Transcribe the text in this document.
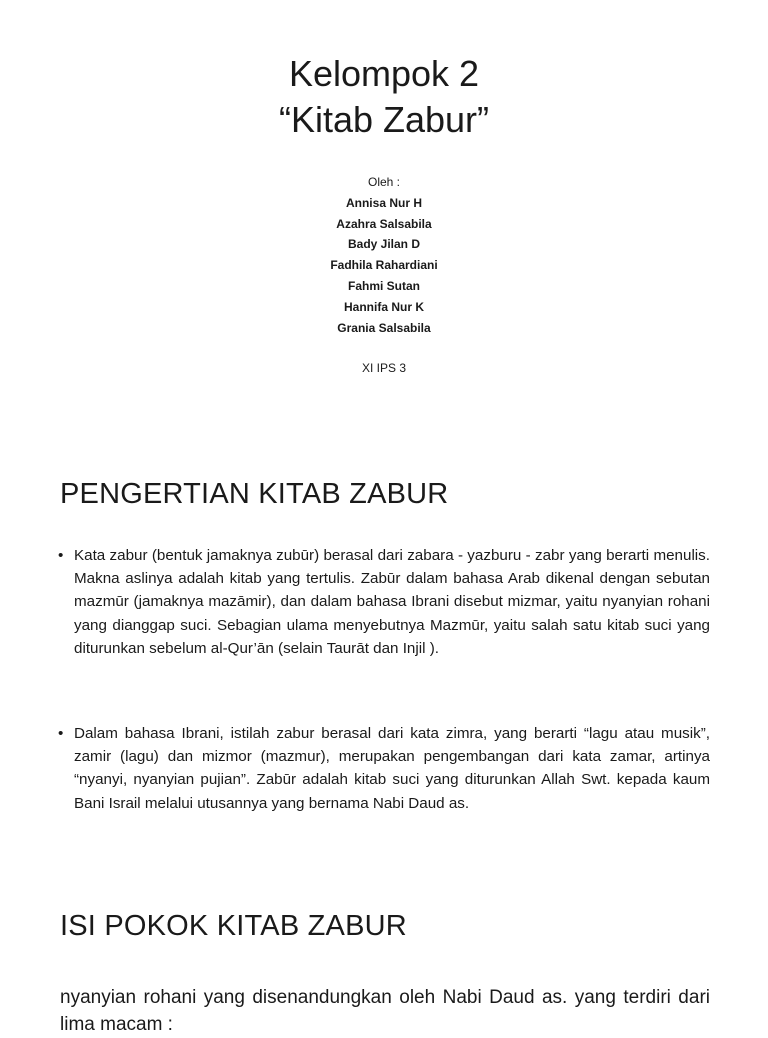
Kelompok 2
“Kitab Zabur”
Oleh :
Annisa Nur H
Azahra Salsabila
Bady Jilan D
Fadhila Rahardiani
Fahmi Sutan
Hannifa Nur K
Grania Salsabila
XI IPS 3
PENGERTIAN KITAB ZABUR
• Kata zabur (bentuk jamaknya zubūr) berasal dari zabara - yazburu - zabr yang berarti menulis. Makna aslinya adalah kitab yang tertulis. Zabūr dalam bahasa Arab dikenal dengan sebutan mazmūr (jamaknya mazāmir), dan dalam bahasa Ibrani disebut mizmar, yaitu nyanyian rohani yang dianggap suci. Sebagian ulama menyebutnya Mazmūr, yaitu salah satu kitab suci yang diturunkan sebelum al-Qur’ān (selain Taurāt dan Injil ).
• Dalam bahasa Ibrani, istilah zabur berasal dari kata zimra, yang berarti “lagu atau musik”, zamir (lagu) dan mizmor (mazmur), merupakan pengembangan dari kata zamar, artinya “nyanyi, nyanyian pujian”. Zabūr adalah kitab suci yang diturunkan Allah Swt. kepada kaum Bani Israil melalui utusannya yang bernama Nabi Daud as.
ISI POKOK KITAB ZABUR
nyanyian rohani yang disenandungkan oleh Nabi Daud as. yang terdiri dari lima macam :
